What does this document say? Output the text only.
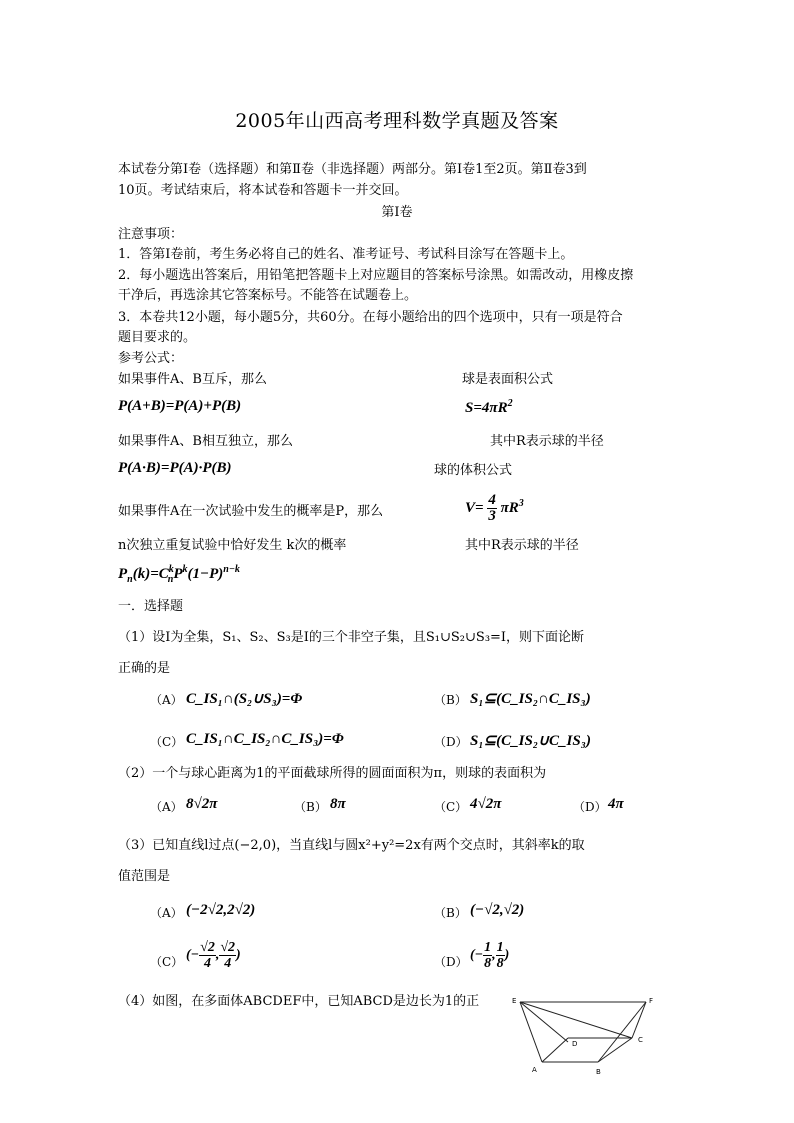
2005年山西高考理科数学真题及答案
本试卷分第Ⅰ卷（选择题）和第Ⅱ卷（非选择题）两部分。第Ⅰ卷1至2页。第Ⅱ卷3到
10页。考试结束后，将本试卷和答题卡一并交回。
第Ⅰ卷
注意事项：
1．答第Ⅰ卷前，考生务必将自己的姓名、准考证号、考试科目涂写在答题卡上。
2．每小题选出答案后，用铅笔把答题卡上对应题目的答案标号涂黑。如需改动，用橡皮擦
干净后，再选涂其它答案标号。不能答在试题卷上。
3．本卷共12小题，每小题5分，共60分。在每小题给出的四个选项中，只有一项是符合
题目要求的。
参考公式：
如果事件A、B互斥，那么	球是表面积公式
P(A+B)=P(A)+P(B)	$S=4\pi R^2$
如果事件A、B相互独立，那么	其中R表示球的半径
P(A·B)=P(A)·P(B)	球的体积公式
如果事件A在一次试验中发生的概率是P，那么	$V= \frac{4}{3} \pi R^3$
n次独立重复试验中恰好发生 k次的概率	其中R表示球的半径
$P_n(k)=C^k_nP^k(1-P)^{n-k}$
一．选择题
（1）设I为全集，S₁、S₂、S₃是I的三个非空子集，且S₁∪S₂∪S₃=I，则下面论断
正确的是
（A） C_IS₁∩(S₂∪S₃)=Φ	（B） S₁⊆(C_IS₂∩C_IS₃)
（C） C_IS₁∩C_IS₂∩C_IS₃)=Φ	（D） S₁⊆(C_IS₂∪C_IS₃)
（2）一个与球心距离为1的平面截球所得的圆面面积为π，则球的表面积为
（A） 8√2π	（B） 8π	（C） 4√2π	（D） 4π
（3）已知直线l过点(−2,0)，当直线l与圆x²+y²=2x有两个交点时，其斜率k的取
值范围是
（A） (−2√2,2√2)	（B） (−√2,√2)
（C） (− $\frac{√2}{4}$ , $\frac{√2}{4}$ )	（D） (− $\frac{1}{8}$ , $\frac{1}{8}$ )
（4）如图，在多面体ABCDEF中，已知ABCD是边长为1的正	E	F
A	B
C
D
